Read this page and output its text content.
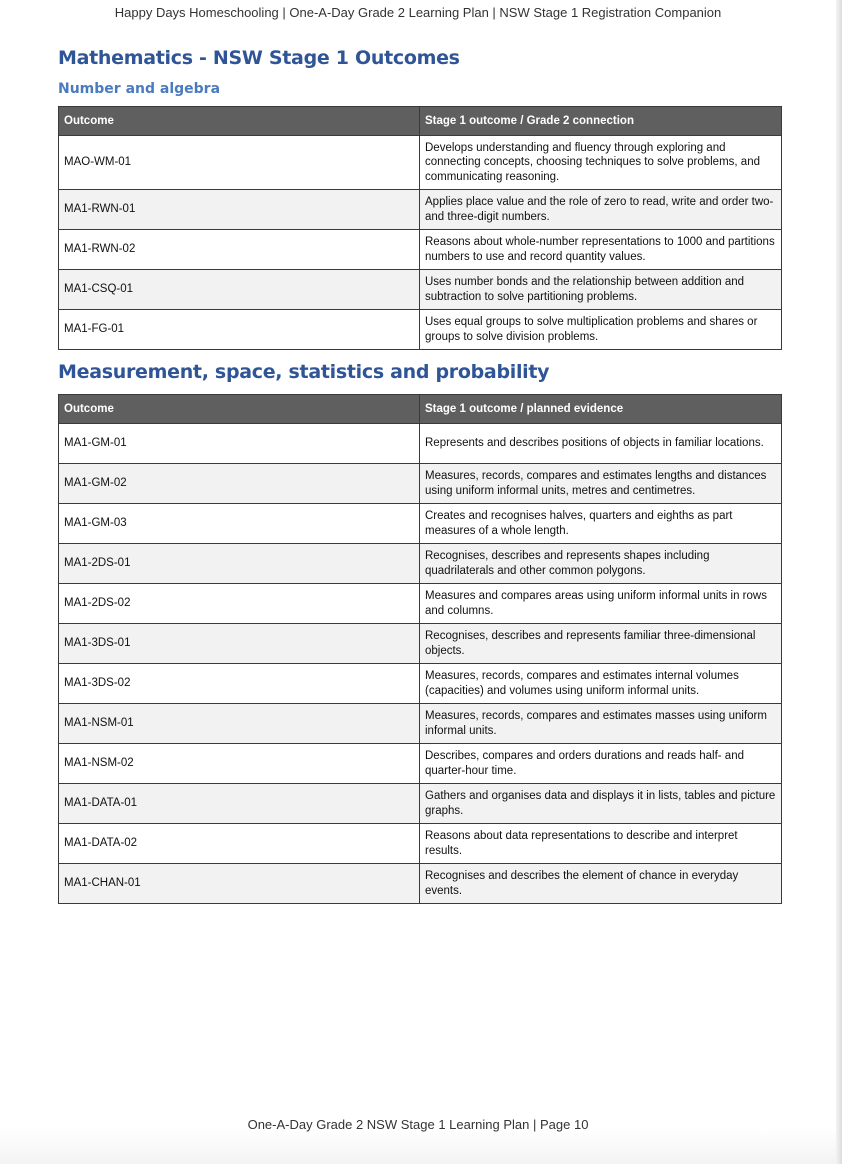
Happy Days Homeschooling | One-A-Day Grade 2 Learning Plan | NSW Stage 1 Registration Companion
Mathematics - NSW Stage 1 Outcomes
Number and algebra
Outcome	Stage 1 outcome / Grade 2 connection
MAO-WM-01	Develops understanding and fluency through exploring and connecting concepts, choosing techniques to solve problems, and communicating reasoning.
MA1-RWN-01	Applies place value and the role of zero to read, write and order two- and three-digit numbers.
MA1-RWN-02	Reasons about whole-number representations to 1000 and partitions numbers to use and record quantity values.
MA1-CSQ-01	Uses number bonds and the relationship between addition and subtraction to solve partitioning problems.
MA1-FG-01	Uses equal groups to solve multiplication problems and shares or groups to solve division problems.
Measurement, space, statistics and probability
Outcome	Stage 1 outcome / planned evidence
MA1-GM-01	Represents and describes positions of objects in familiar locations.
MA1-GM-02	Measures, records, compares and estimates lengths and distances using uniform informal units, metres and centimetres.
MA1-GM-03	Creates and recognises halves, quarters and eighths as part measures of a whole length.
MA1-2DS-01	Recognises, describes and represents shapes including quadrilaterals and other common polygons.
MA1-2DS-02	Measures and compares areas using uniform informal units in rows and columns.
MA1-3DS-01	Recognises, describes and represents familiar three-dimensional objects.
MA1-3DS-02	Measures, records, compares and estimates internal volumes (capacities) and volumes using uniform informal units.
MA1-NSM-01	Measures, records, compares and estimates masses using uniform informal units.
MA1-NSM-02	Describes, compares and orders durations and reads half- and quarter-hour time.
MA1-DATA-01	Gathers and organises data and displays it in lists, tables and picture graphs.
MA1-DATA-02	Reasons about data representations to describe and interpret results.
MA1-CHAN-01	Recognises and describes the element of chance in everyday events.
One-A-Day Grade 2 NSW Stage 1 Learning Plan | Page 10
